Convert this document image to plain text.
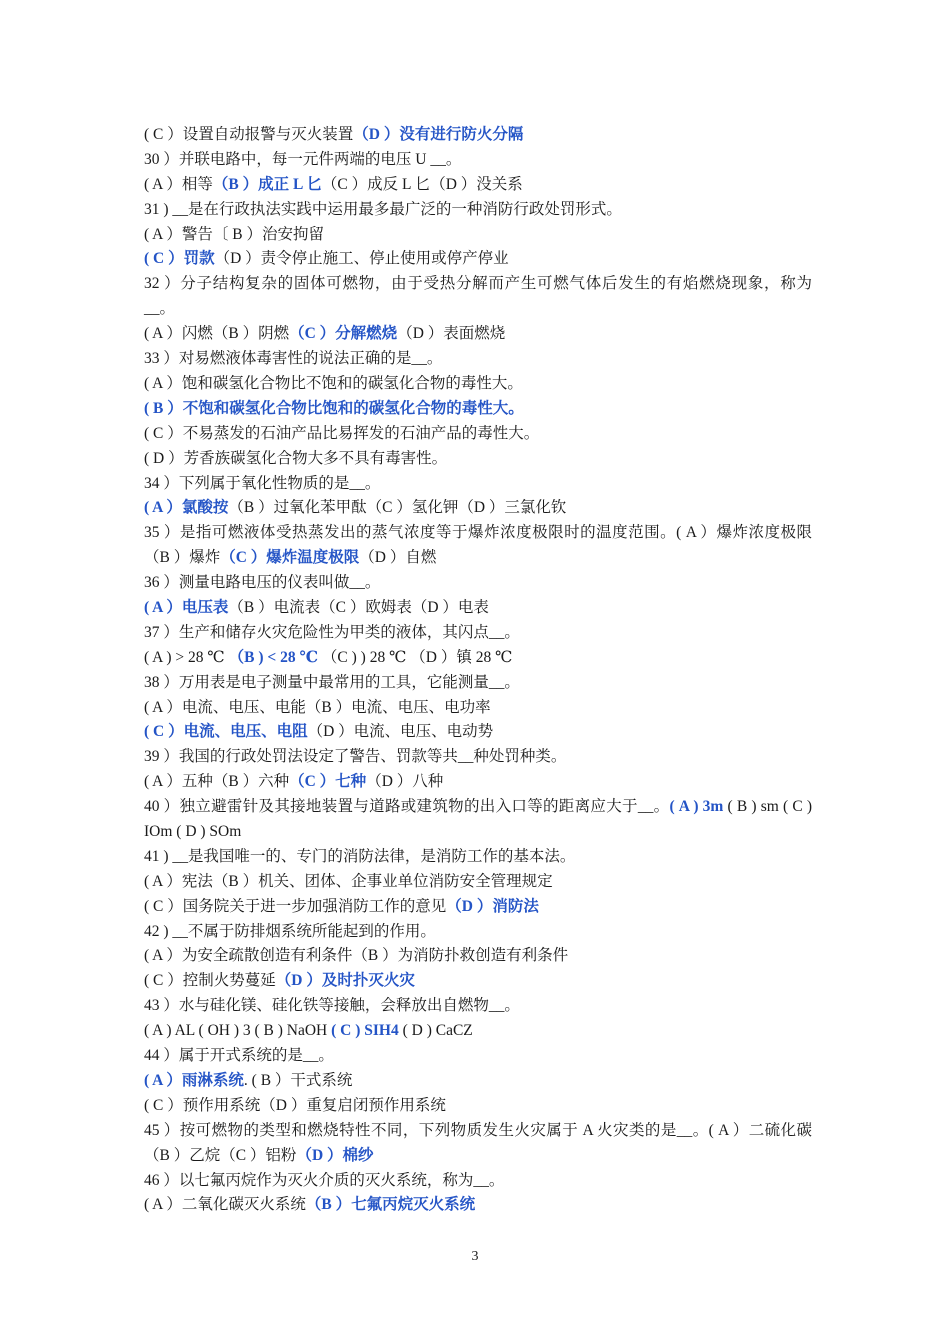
( C ）设置自动报警与灭火装置（D ）没有进行防火分隔
30 ）并联电路中，每一元件两端的电压 U __。
( A ）相等（B ）成正 L 匕（C ）成反 L 匕（D ）没关系
31 ) __是在行政执法实践中运用最多最广泛的一种消防行政处罚形式。
( A ）警告〔 B ）治安拘留
( C ）罚款（D ）责令停止施工、停止使用或停产停业
32 ）分子结构复杂的固体可燃物，由于受热分解而产生可燃气体后发生的有焰燃烧现象，称为__。
( A ）闪燃（B ）阴燃（C ）分解燃烧（D ）表面燃烧
33 ）对易燃液体毒害性的说法正确的是__。
( A ）饱和碳氢化合物比不饱和的碳氢化合物的毒性大。
( B ）不饱和碳氢化合物比饱和的碳氢化合物的毒性大。
( C ）不易蒸发的石油产品比易挥发的石油产品的毒性大。
( D ）芳香族碳氢化合物大多不具有毒害性。
34 ）下列属于氧化性物质的是__。
( A ）氯酸按（B ）过氧化苯甲酞（C ）氢化钾（D ）三氯化钦
35 ）是指可燃液体受热蒸发出的蒸气浓度等于爆炸浓度极限时的温度范围。( A ）爆炸浓度极限（B ）爆炸（C ）爆炸温度极限（D ）自燃
36 ）测量电路电压的仪表叫做__。
( A ）电压表（B ）电流表（C ）欧姆表（D ）电表
37 ）生产和储存火灾危险性为甲类的液体，其闪点__。
( A ) > 28 ℃ （B ) < 28 ℃ （C ) ) 28 ℃ （D ）镇 28 ℃
38 ）万用表是电子测量中最常用的工具，它能测量__。
( A ）电流、电压、电能（B ）电流、电压、电功率
( C ）电流、电压、电阻（D ）电流、电压、电动势
39 ）我国的行政处罚法设定了警告、罚款等共__种处罚种类。
( A ）五种（B ）六种（C ）七种（D ）八种
40 ）独立避雷针及其接地装置与道路或建筑物的出入口等的距离应大于__。( A ) 3m ( B ) sm ( C ) IOm ( D ) SOm
41 ) __是我国唯一的、专门的消防法律，是消防工作的基本法。
( A ）宪法（B ）机关、团体、企事业单位消防安全管理规定
( C ）国务院关于进一步加强消防工作的意见（D ）消防法
42 ) __不属于防排烟系统所能起到的作用。
( A ）为安全疏散创造有利条件（B ）为消防扑救创造有利条件
( C ）控制火势蔓延（D ）及时扑灭火灾
43 ）水与硅化镁、硅化铁等接触，会释放出自燃物__。
( A ) AL ( OH ) 3 ( B ) NaOH ( C ) SIH4 ( D ) CaCZ
44 ）属于开式系统的是__。
( A ）雨淋系统. ( B ）干式系统
( C ）预作用系统（D ）重复启闭预作用系统
45 ）按可燃物的类型和燃烧特性不同，下列物质发生火灾属于 A 火灾类的是__。( A ）二硫化碳（B ）乙烷（C ）铝粉（D ）棉纱
46 ）以七氟丙烷作为灭火介质的灭火系统，称为__。
( A ）二氧化碳灭火系统（B ）七氟丙烷灭火系统
3
